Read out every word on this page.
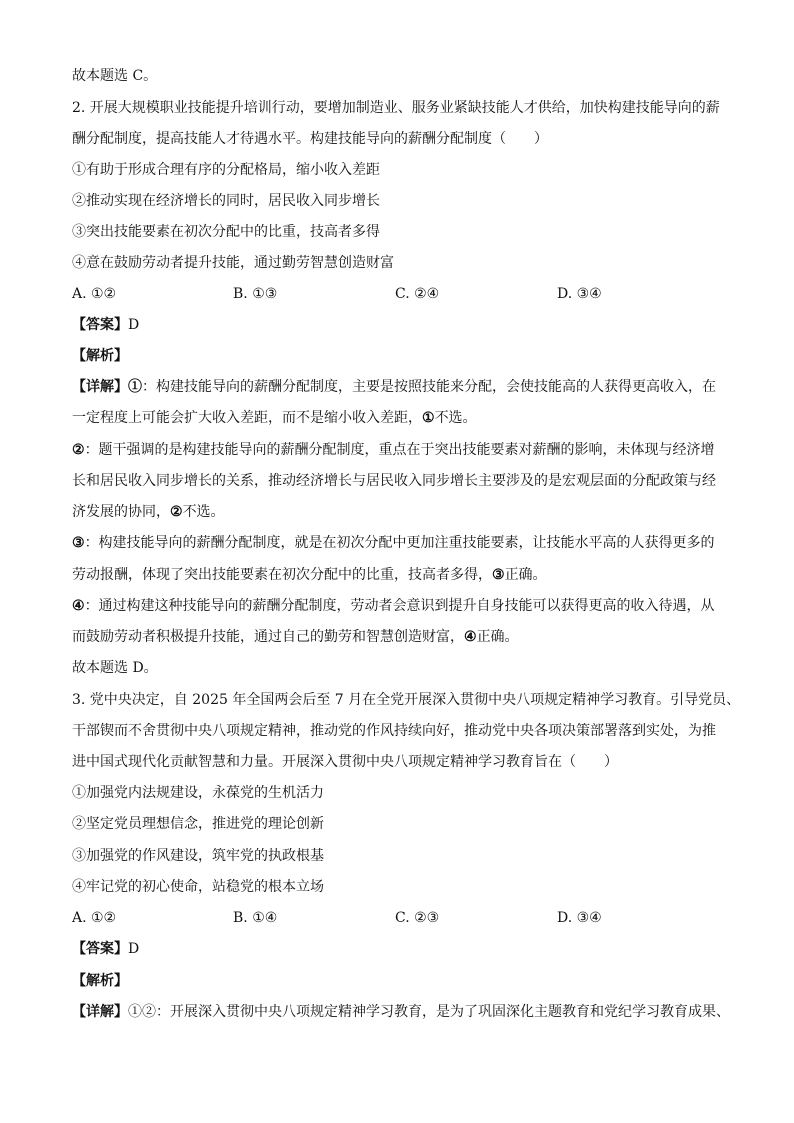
故本题选 C。
2. 开展大规模职业技能提升培训行动，要增加制造业、服务业紧缺技能人才供给，加快构建技能导向的薪
酬分配制度，提高技能人才待遇水平。构建技能导向的薪酬分配制度（　　）
①有助于形成合理有序的分配格局，缩小收入差距
②推动实现在经济增长的同时，居民收入同步增长
③突出技能要素在初次分配中的比重，技高者多得
④意在鼓励劳动者提升技能，通过勤劳智慧创造财富
A. ①②	B. ①③	C. ②④	D. ③④
【答案】D
【解析】
【详解】①：构建技能导向的薪酬分配制度，主要是按照技能来分配，会使技能高的人获得更高收入，在
一定程度上可能会扩大收入差距，而不是缩小收入差距，①不选。
②：题干强调的是构建技能导向的薪酬分配制度，重点在于突出技能要素对薪酬的影响，未体现与经济增
长和居民收入同步增长的关系，推动经济增长与居民收入同步增长主要涉及的是宏观层面的分配政策与经
济发展的协同，②不选。
③：构建技能导向的薪酬分配制度，就是在初次分配中更加注重技能要素，让技能水平高的人获得更多的
劳动报酬，体现了突出技能要素在初次分配中的比重，技高者多得，③正确。
④：通过构建这种技能导向的薪酬分配制度，劳动者会意识到提升自身技能可以获得更高的收入待遇，从
而鼓励劳动者积极提升技能，通过自己的勤劳和智慧创造财富，④正确。
故本题选 D。
3. 党中央决定，自 2025 年全国两会后至 7 月在全党开展深入贯彻中央八项规定精神学习教育。引导党员、
干部锲而不舍贯彻中央八项规定精神，推动党的作风持续向好，推动党中央各项决策部署落到实处，为推
进中国式现代化贡献智慧和力量。开展深入贯彻中央八项规定精神学习教育旨在（　　）
①加强党内法规建设，永葆党的生机活力
②坚定党员理想信念，推进党的理论创新
③加强党的作风建设，筑牢党的执政根基
④牢记党的初心使命，站稳党的根本立场
A. ①②	B. ①④	C. ②③	D. ③④
【答案】D
【解析】
【详解】①②：开展深入贯彻中央八项规定精神学习教育，是为了巩固深化主题教育和党纪学习教育成果、
